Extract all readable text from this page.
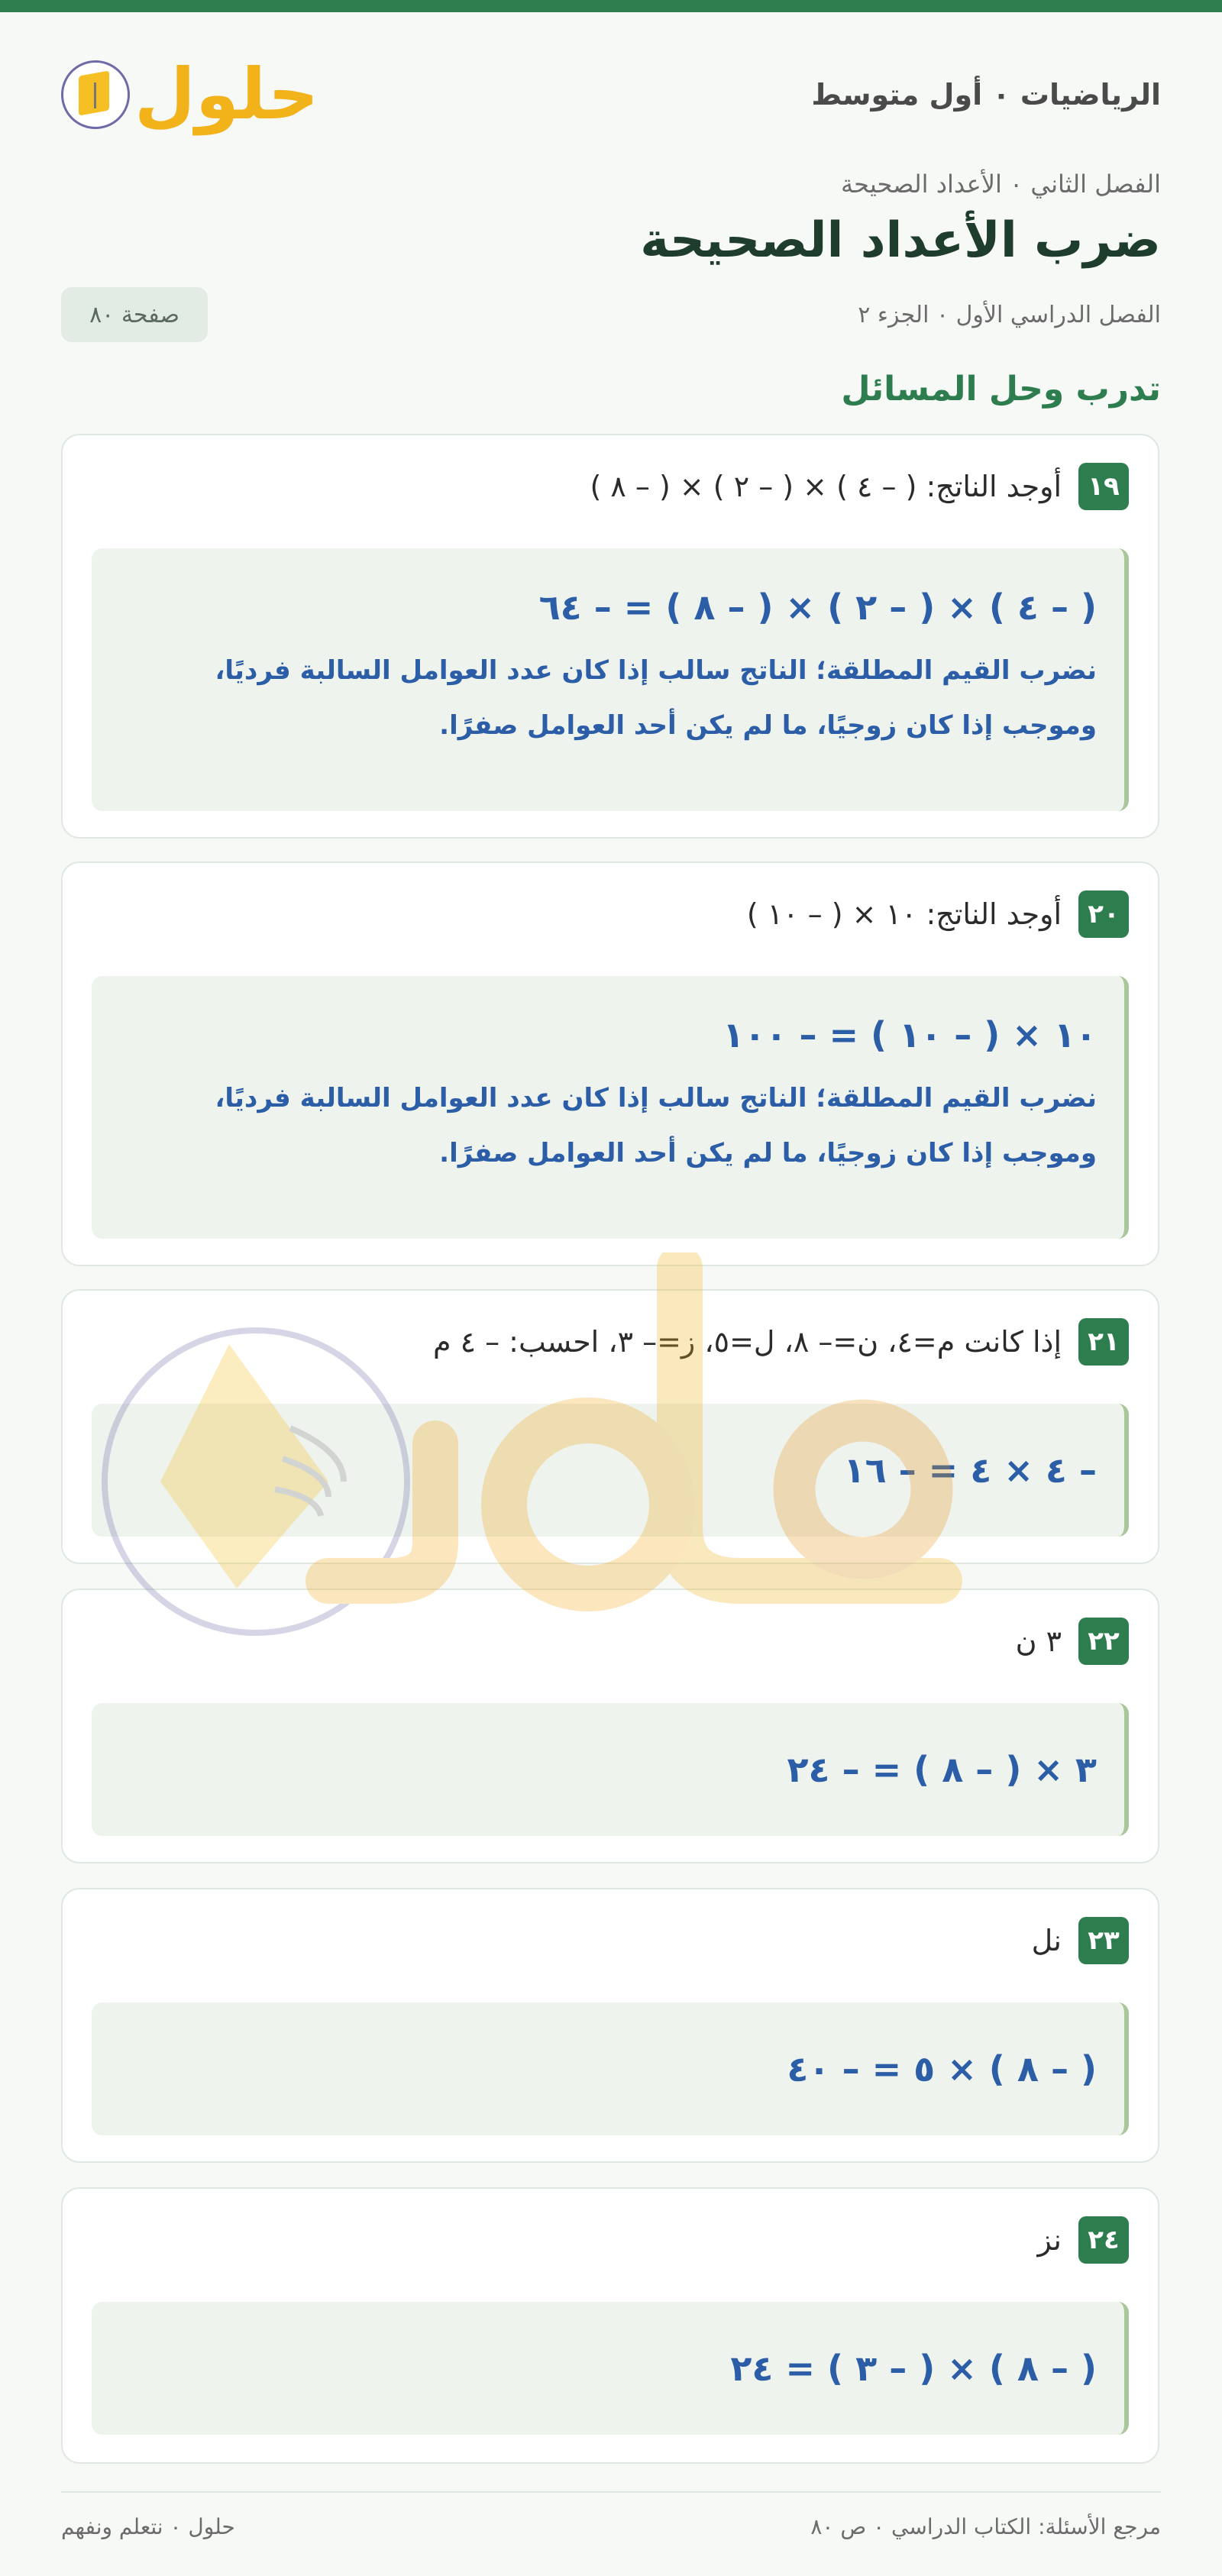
حلول	الرياضيات ٠ أول متوسط
الفصل الثاني ٠ الأعداد الصحيحة
ضرب الأعداد الصحيحة
الفصل الدراسي الأول ٠ الجزء ٢
صفحة ٨٠
تدرب وحل المسائل
١٩
أوجد الناتج: ( – ٤ ) × ( – ٢ ) × ( – ٨ )
( – ٤ ) × ( – ٢ ) × ( – ٨ ) = – ٦٤
نضرب القيم المطلقة؛ الناتج سالب إذا كان عدد العوامل السالبة فرديًا،
وموجب إذا كان زوجيًا، ما لم يكن أحد العوامل صفرًا.
٢٠
أوجد الناتج: ١٠ × ( – ١٠ )
١٠ × ( – ١٠ ) = – ١٠٠
نضرب القيم المطلقة؛ الناتج سالب إذا كان عدد العوامل السالبة فرديًا،
وموجب إذا كان زوجيًا، ما لم يكن أحد العوامل صفرًا.
٢١
إذا كانت م=٤، ن=– ٨، ل=٥، ز=– ٣، احسب: – ٤ م
– ٤ × ٤ = – ١٦
٢٢
٣ ن
٣ × ( – ٨ ) = – ٢٤
٢٣
نل
( – ٨ ) × ٥ = – ٤٠
٢٤
نز
( – ٨ ) × ( – ٣ ) = ٢٤
مرجع الأسئلة: الكتاب الدراسي ٠ ص ٨٠
حلول ٠ نتعلم ونفهم
